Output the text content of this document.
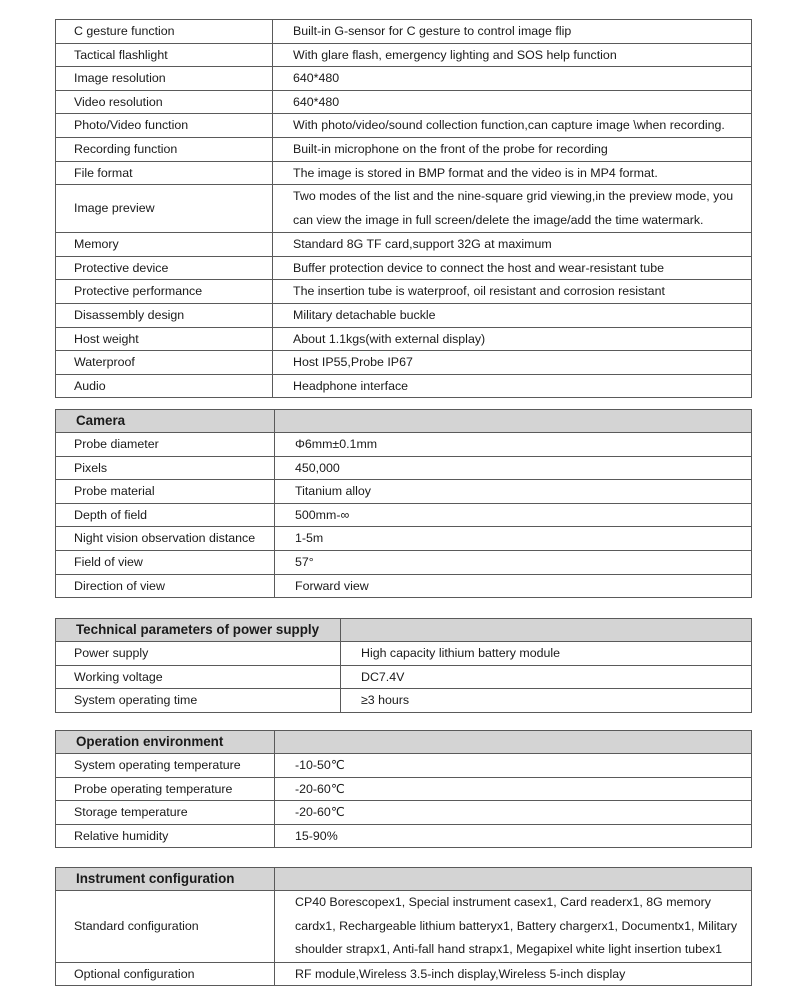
C gesture function	Built-in G-sensor for C gesture to control image flip
Tactical flashlight	With glare flash, emergency lighting and SOS help function
Image resolution	640*480
Video resolution	640*480
Photo/Video function	With photo/video/sound collection function,can capture image \when recording.
Recording function	Built-in microphone on the front of the probe for recording
File format	The image is stored in BMP format and the video is in MP4 format.
Image preview	Two modes of the list and the nine-square grid viewing,in the preview mode, you can view the image in full screen/delete the image/add the time watermark.
Memory	Standard 8G TF card,support 32G at maximum
Protective device	Buffer protection device to connect the host and wear-resistant tube
Protective performance	The insertion tube is waterproof, oil resistant and corrosion resistant
Disassembly design	Military detachable buckle
Host weight	About 1.1kgs(with external display)
Waterproof	Host IP55,Probe IP67
Audio	Headphone interface
Camera	
Probe diameter	Φ6mm±0.1mm
Pixels	450,000
Probe material	Titanium alloy
Depth of field	500mm-∞
Night vision observation distance	1-5m
Field of view	57°
Direction of view	Forward view
Technical parameters of power supply	
Power supply	High capacity lithium battery module
Working voltage	DC7.4V
System operating time	≥3 hours
Operation environment	
System operating temperature	-10-50℃
Probe operating temperature	-20-60℃
Storage temperature	-20-60℃
Relative humidity	15-90%
Instrument configuration	
Standard configuration	CP40 Borescopex1, Special instrument casex1, Card readerx1, 8G memory cardx1, Rechargeable lithium batteryx1, Battery chargerx1, Documentx1, Military shoulder strapx1, Anti-fall hand strapx1, Megapixel white light insertion tubex1
Optional configuration	RF module,Wireless 3.5-inch display,Wireless 5-inch display
